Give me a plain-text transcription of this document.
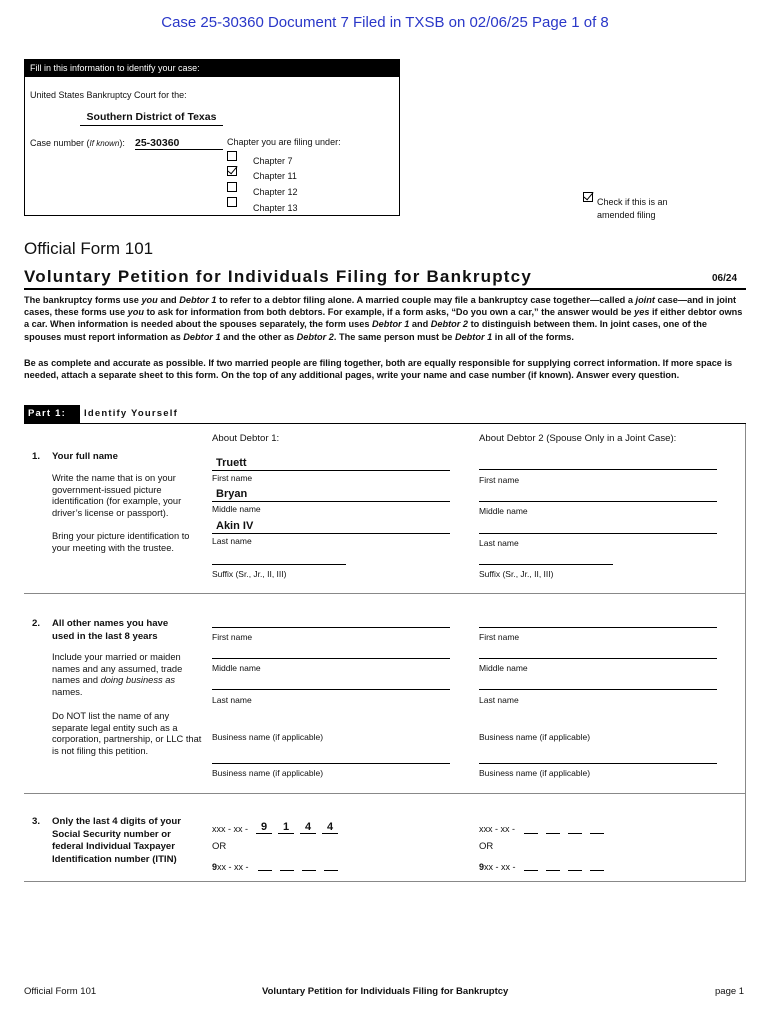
Case 25-30360 Document 7 Filed in TXSB on 02/06/25 Page 1 of 8
Fill in this information to identify your case:
United States Bankruptcy Court for the:
Southern District of Texas
Case number (If known): 25-30360	Chapter you are filing under:
Chapter 7
Chapter 11
Chapter 12
Chapter 13
Check if this is an
amended filing
Official Form 101
Voluntary Petition for Individuals Filing for Bankruptcy	06/24
The bankruptcy forms use you and Debtor 1 to refer to a debtor filing alone. A married couple may file a bankruptcy case together—called a joint case—and in joint cases, these forms use you to ask for information from both debtors. For example, if a form asks, “Do you own a car,” the answer would be yes if either debtor owns a car. When information is needed about the spouses separately, the form uses Debtor 1 and Debtor 2 to distinguish between them. In joint cases, one of the spouses must report information as Debtor 1 and the other as Debtor 2. The same person must be Debtor 1 in all of the forms.
Be as complete and accurate as possible. If two married people are filing together, both are equally responsible for supplying correct information. If more space is needed, attach a separate sheet to this form. On the top of any additional pages, write your name and case number (if known). Answer every question.
Part 1:	Identify Yourself
About Debtor 1:	About Debtor 2 (Spouse Only in a Joint Case):
1. Your full name
Write the name that is on your government-issued picture identification (for example, your driver’s license or passport).
Bring your picture identification to your meeting with the trustee.
Truett
First name
Bryan
Middle name
Akin IV
Last name
Suffix (Sr., Jr., II, III)
First name
Middle name
Last name
Suffix (Sr., Jr., II, III)
2. All other names you have used in the last 8 years
Include your married or maiden names and any assumed, trade names and doing business as names.
Do NOT list the name of any separate legal entity such as a corporation, partnership, or LLC that is not filing this petition.
First name
Middle name
Last name
Business name (if applicable)
Business name (if applicable)
First name
Middle name
Last name
Business name (if applicable)
Business name (if applicable)
3. Only the last 4 digits of your Social Security number or federal Individual Taxpayer Identification number (ITIN)
xxx - xx -	9	1	4	4
OR
9xx - xx -
xxx - xx -
OR
9xx - xx -
Official Form 101	Voluntary Petition for Individuals Filing for Bankruptcy	page 1
